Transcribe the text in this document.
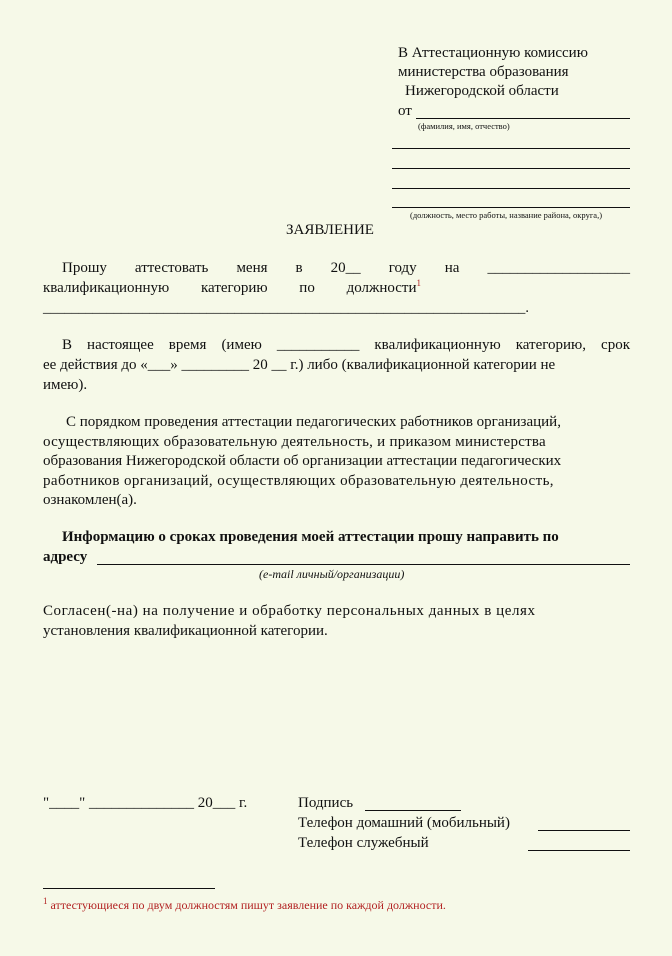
В Аттестационную комиссию
министерства образования
Нижегородской области
от
(фамилия, имя, отчество)
(должность, место работы, название района, округа,)
ЗАЯВЛЕНИЕ
Прошу аттестовать меня в 20__ году на ___________________
квалификационную категорию по должности$^1$
____________________________________________________________________.
В настоящее время (имею ___________ квалификационную категорию, срок
ее действия до «___» _________ 20 __ г.) либо (квалификационной категории не
имею).
С порядком проведения аттестации педагогических работников организаций,
осуществляющих образовательную деятельность, и приказом министерства
образования Нижегородской области об организации аттестации педагогических
работников организаций, осуществляющих образовательную деятельность,
ознакомлен(а).
Информацию о сроках проведения моей аттестации прошу направить по
адресу
(e-mail личный/организации)
Согласен(-на) на получение и обработку персональных данных в целях
установления квалификационной категории.
"____" ______________ 20___ г.	Подпись
Телефон домашний (мобильный)
Телефон служебный
$^1$ аттестующиеся по двум должностям пишут заявление по каждой должности.
